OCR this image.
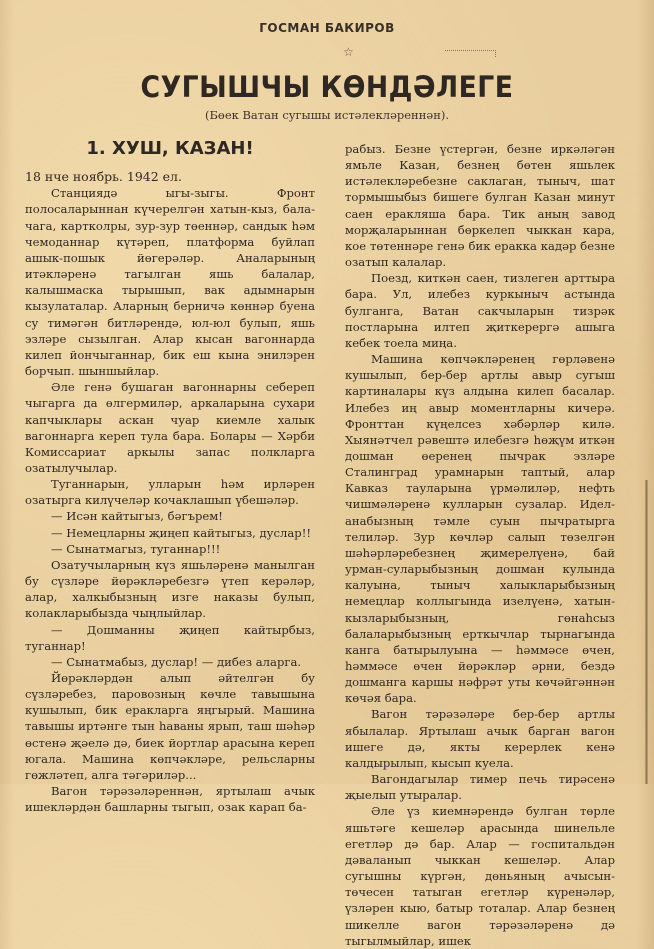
ГОСМАН БАКИРОВ
☆
СУГЫШЧЫ КӨНДӘЛЕГЕ
(Бөек Ватан сугышы истәлекләреннән).
1. ХУШ, КАЗАН!

18 нче ноябрь. 1942 ел.

Станциядә ыгы-зыгы. Фронт полосаларыннан күчерелгән хатын-кыз, бала-чага, картколры, зур-зур төеннәр, сандык һәм чемоданнар күтәреп, платформа буйлап ашык-пошык йөгерәләр. Аналарының итәкләренә тагылган яшь балалар, калышмаска тырышып, вак адымнарын кызулаталар. Аларның берничә көннәр буена су тимәгән битләрендә, юл-юл булып, яшь эзләре сызылган. Алар кысан вагоннарда килеп йончыганнар, бик еш кына энилэрен борчып. шыншыйлар.

Әле генә бушаган вагоннарны себереп чыгарга да өлгермиләр, аркаларына сухари капчыклары аскан чуар киемле халык вагоннарга кереп тула бара. Болары — Хәрби Комиссариат аркылы запас полкларга озатылучылар.

Туганнарын, улларын һәм ирләрен озатырга килүчеләр кочаклашып үбешәләр.

— Исән кайтыгыз, бәгърем!

— Немецларны җиңеп кайтыгыз, дуслар!!

— Сынатмагыз, туганнар!!!

Озатучыларның күз яшьләренә манылган бу сүзләре йөрәкләребезгә үтеп керәләр, алар, халкыбызның изге наказы булып, колакларыбызда чыңлыйлар.

— Дошманны җиңеп кайтырбыз, туганнар!

— Сынатмабыз, дуслар! — дибез аларга.

Йөрәкләрдән алып әйтелгән бу сүзләребез, паровозның көчле тавышына кушылып, бик еракларга яңгырый. Машина тавышы иртәнге тын һаваны ярып, таш шәһәр өстенә җәелә дә, биек йортлар арасына кереп югала. Машина көпчәкләре, рельсларны гөжләтеп, алга тәгәриләр...

Вагон тәрәзәләреннән, яртылаш ачык ишекләрдән башларны тыгып, озак карап ба-

рабыз. Безне үстергән, безне иркәләгән ямьле Казан, безнең бөтен яшьлек истәлекләребезне саклаган, тыныч, шат тормышыбыз бишеге булган Казан минут саен еракляша бара. Тик аның завод морҗаларыннан бөркелеп чыккан кара, кое төтеннәре генә бик еракка кадәр безне озатып калалар.

Поезд, киткән саен, тизлеген арттыра бара. Ул, илебез куркыныч астында булганга, Ватан сакчыларын тизрәк постларына илтеп җиткерергә ашыга кебек тоела миңа.

Машина көпчәкләренең гөрләвенә кушылып, бер-бер артлы авыр сугыш картиналары күз алдына килеп басалар. Илебез иң авыр моментларны кичерә. Фронттан күңелсез хәбәрләр килә. Хыянәтчел рәвештә илебезгә һөҗүм иткән дошман өеренең пычрак эзләре Сталинград урамнарын таптый, алар Кавказ тауларына үрмәлиләр, нефть чишмәләренә кулларын сузалар. Идел-анабызның тәмле суын пычратырга телиләр. Зур көчләр салып төзелгән шәһәрләребезнең җимерелүенә, бай урман-суларыбызның дошман кулында калуына, тыныч халыкларыбызның немецлар коллыгында изелүенә, хатын-кызларыбызның, гөнаһсыз балаларыбызның ерткычлар тырнагында канга батырылуына — һәммәсе өчен, һәммәсе өчен йөрәкләр әрни, бездә дошманга каршы нәфрәт уты көчәйгәннән көчәя бара.

Вагон тәрәзәләре бер-бер артлы ябылалар. Яртылаш ачык барган вагон ишеге дә, якты керерлек кенә калдырылып, кысып куела.

Вагондагылар тимер печь тирәсенә җыелып утыралар.

Әле үз киемнәрендә булган төрле яшьтәге кешеләр арасында шинельле егетләр дә бар. Алар — госпитальдән дәваланып чыккан кешеләр. Алар сугышны күргән, дөньяның ачысын-төчесен татыган егетләр күренәләр, үзләрен кыю, батыр тоталар. Алар безнең шикелле вагон тәрәзәләренә дә тыгылмыйлар, ишек
